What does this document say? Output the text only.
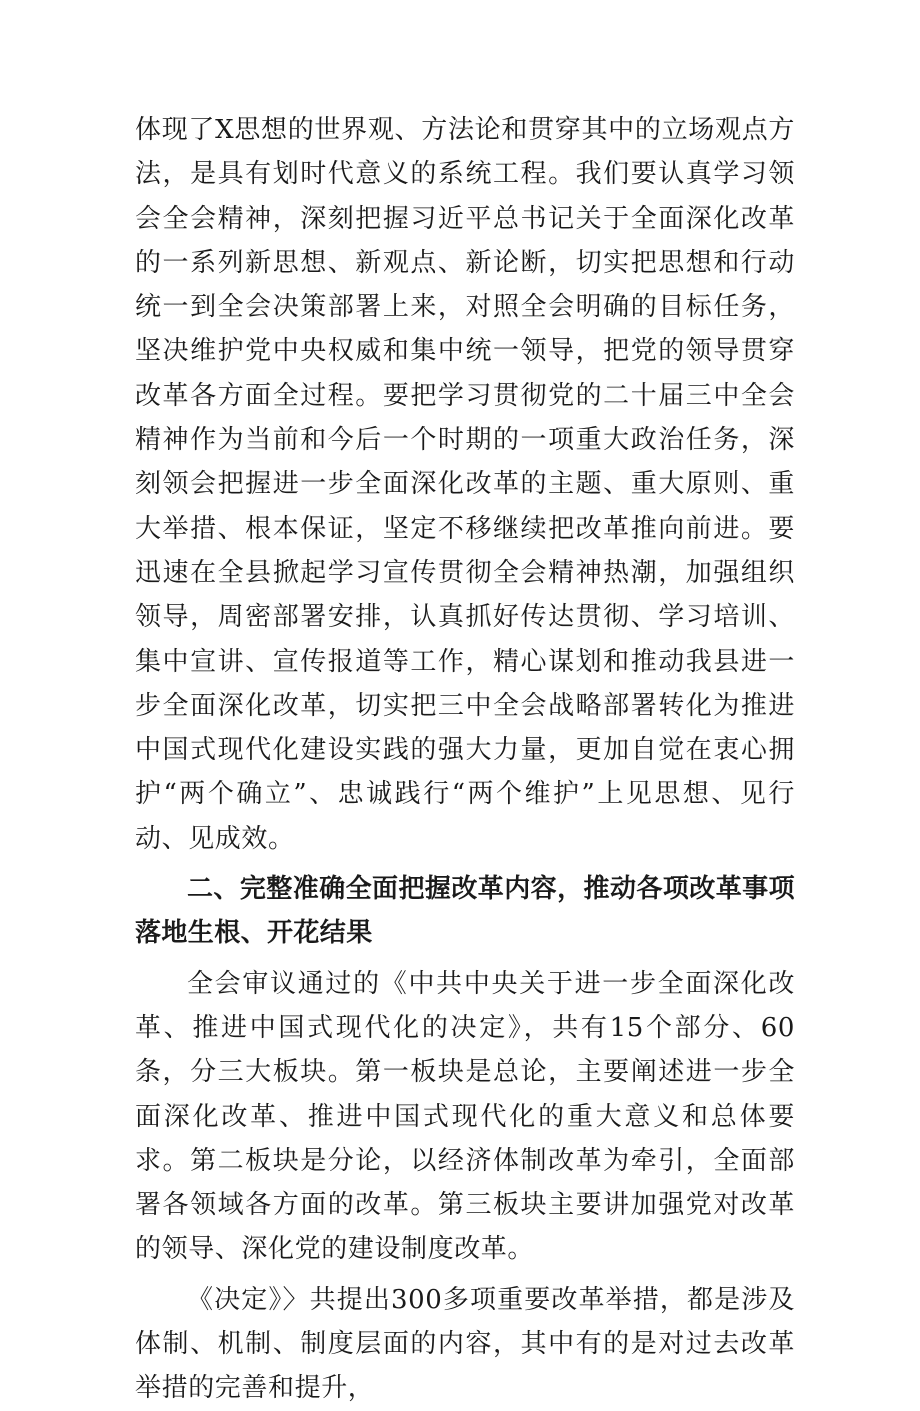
体现了X思想的世界观、方法论和贯穿其中的立场观点方法，是具有划时代意义的系统工程。我们要认真学习领会全会精神，深刻把握习近平总书记关于全面深化改革的一系列新思想、新观点、新论断，切实把思想和行动统一到全会决策部署上来，对照全会明确的目标任务，坚决维护党中央权威和集中统一领导，把党的领导贯穿改革各方面全过程。要把学习贯彻党的二十届三中全会精神作为当前和今后一个时期的一项重大政治任务，深刻领会把握进一步全面深化改革的主题、重大原则、重大举措、根本保证，坚定不移继续把改革推向前进。要迅速在全县掀起学习宣传贯彻全会精神热潮，加强组织领导，周密部署安排，认真抓好传达贯彻、学习培训、集中宣讲、宣传报道等工作，精心谋划和推动我县进一步全面深化改革，切实把三中全会战略部署转化为推进中国式现代化建设实践的强大力量，更加自觉在衷心拥护“两个确立”、忠诚践行“两个维护”上见思想、见行动、见成效。

二、完整准确全面把握改革内容，推动各项改革事项落地生根、开花结果

全会审议通过的《中共中央关于进一步全面深化改革、推进中国式现代化的决定》，共有15个部分、60条，分三大板块。第一板块是总论，主要阐述进一步全面深化改革、推进中国式现代化的重大意义和总体要求。第二板块是分论，以经济体制改革为牵引，全面部署各领域各方面的改革。第三板块主要讲加强党对改革的领导、深化党的建设制度改革。

《决定》〉共提出300多项重要改革举措，都是涉及体制、机制、制度层面的内容，其中有的是对过去改革举措的完善和提升，
